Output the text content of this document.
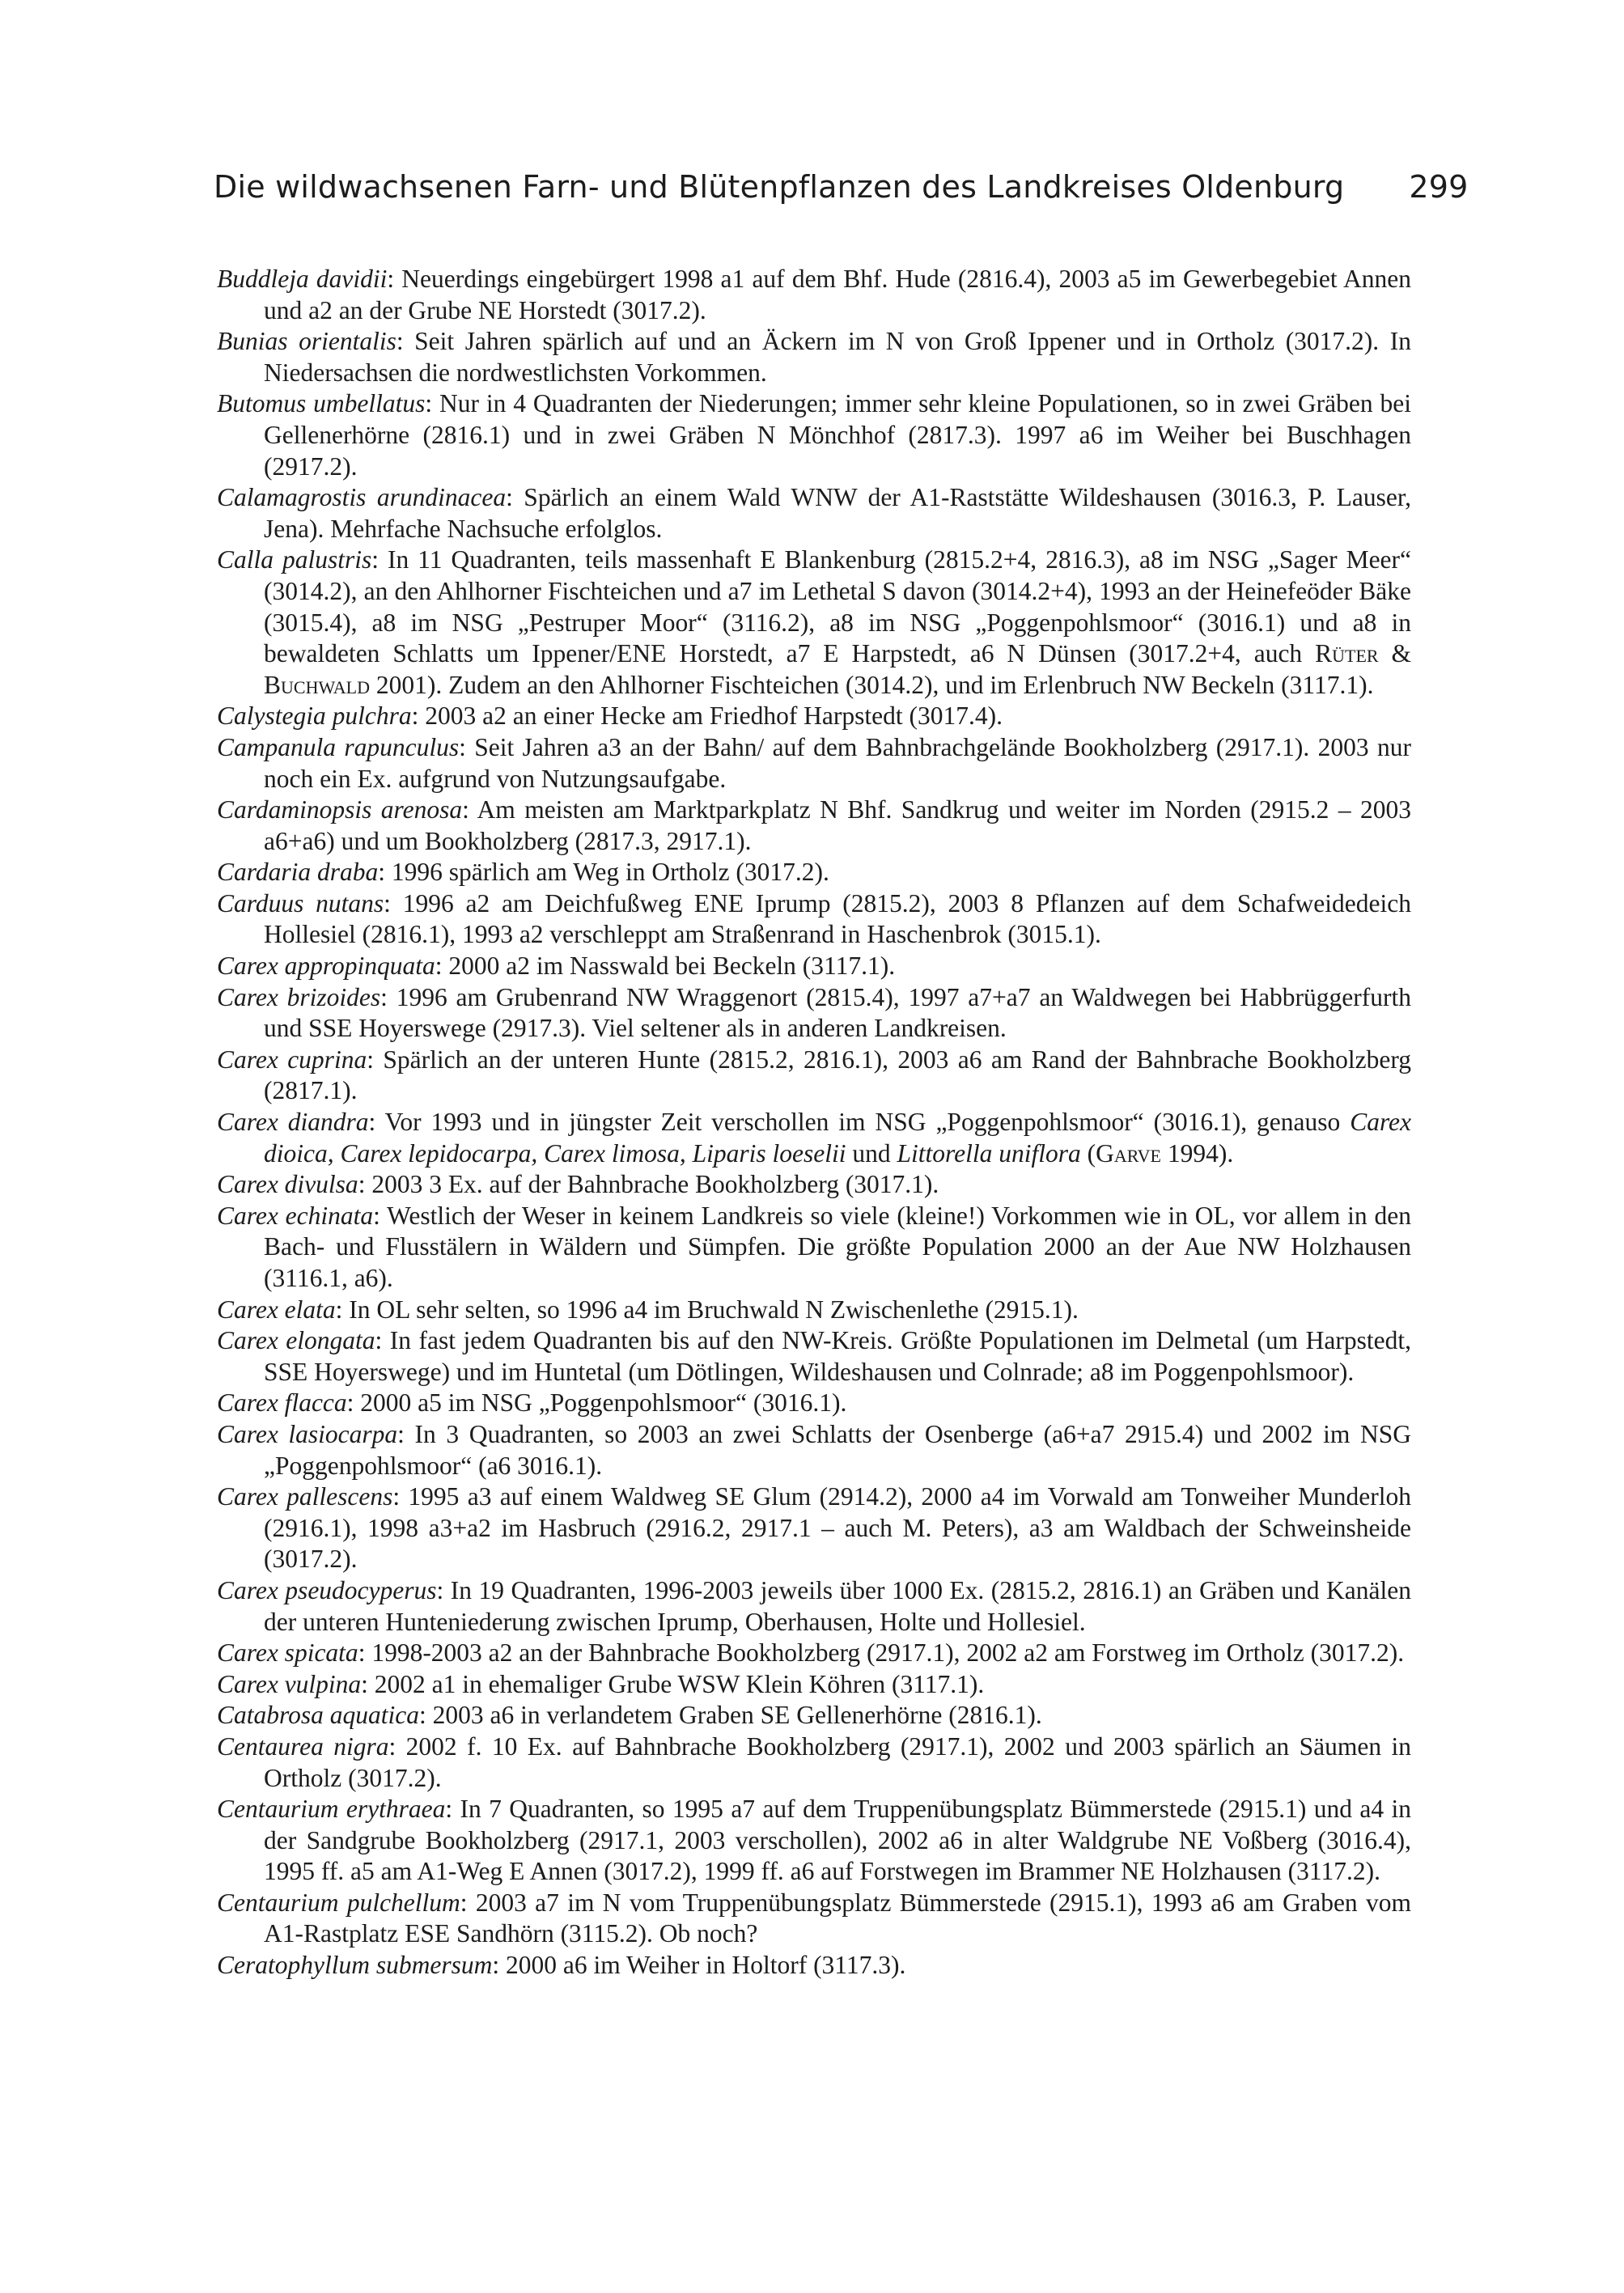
Die wildwachsenen Farn- und Blütenpflanzen des Landkreises Oldenburg 299

Buddleja davidii: Neuerdings eingebürgert 1998 a1 auf dem Bhf. Hude (2816.4), 2003 a5 im Gewerbegebiet Annen und a2 an der Grube NE Horstedt (3017.2).

Bunias orientalis: Seit Jahren spärlich auf und an Äckern im N von Groß Ippener und in Ortholz (3017.2). In Niedersachsen die nordwestlichsten Vorkommen.

Butomus umbellatus: Nur in 4 Quadranten der Niederungen; immer sehr kleine Populationen, so in zwei Gräben bei Gellenerhörne (2816.1) und in zwei Gräben N Mönchhof (2817.3). 1997 a6 im Weiher bei Buschhagen (2917.2).

Calamagrostis arundinacea: Spärlich an einem Wald WNW der A1-Raststätte Wildeshausen (3016.3, P. Lauser, Jena). Mehrfache Nachsuche erfolglos.

Calla palustris: In 11 Quadranten, teils massenhaft E Blankenburg (2815.2+4, 2816.3), a8 im NSG „Sager Meer“ (3014.2), an den Ahlhorner Fischteichen und a7 im Lethetal S davon (3014.2+4), 1993 an der Heinefeöder Bäke (3015.4), a8 im NSG „Pestruper Moor“ (3116.2), a8 im NSG „Poggenpohlsmoor“ (3016.1) und a8 in bewaldeten Schlatts um Ippener/ENE Horstedt, a7 E Harpstedt, a6 N Dünsen (3017.2+4, auch Rüter & Buchwald 2001). Zudem an den Ahlhorner Fischteichen (3014.2), und im Erlenbruch NW Beckeln (3117.1).

Calystegia pulchra: 2003 a2 an einer Hecke am Friedhof Harpstedt (3017.4).

Campanula rapunculus: Seit Jahren a3 an der Bahn/ auf dem Bahnbrachgelände Bookholzberg (2917.1). 2003 nur noch ein Ex. aufgrund von Nutzungsaufgabe.

Cardaminopsis arenosa: Am meisten am Marktparkplatz N Bhf. Sandkrug und weiter im Norden (2915.2 – 2003 a6+a6) und um Bookholzberg (2817.3, 2917.1).

Cardaria draba: 1996 spärlich am Weg in Ortholz (3017.2).

Carduus nutans: 1996 a2 am Deichfußweg ENE Iprump (2815.2), 2003 8 Pflanzen auf dem Schafweidedeich Hollesiel (2816.1), 1993 a2 verschleppt am Straßenrand in Haschenbrok (3015.1).

Carex appropinquata: 2000 a2 im Nasswald bei Beckeln (3117.1).

Carex brizoides: 1996 am Grubenrand NW Wraggenort (2815.4), 1997 a7+a7 an Waldwegen bei Habbrüggerfurth und SSE Hoyerswege (2917.3). Viel seltener als in anderen Landkreisen.

Carex cuprina: Spärlich an der unteren Hunte (2815.2, 2816.1), 2003 a6 am Rand der Bahnbrache Bookholzberg (2817.1).

Carex diandra: Vor 1993 und in jüngster Zeit verschollen im NSG „Poggenpohlsmoor“ (3016.1), genauso Carex dioica, Carex lepidocarpa, Carex limosa, Liparis loeselii und Littorella uniflora (Garve 1994).

Carex divulsa: 2003 3 Ex. auf der Bahnbrache Bookholzberg (3017.1).

Carex echinata: Westlich der Weser in keinem Landkreis so viele (kleine!) Vorkommen wie in OL, vor allem in den Bach- und Flusstälern in Wäldern und Sümpfen. Die größte Population 2000 an der Aue NW Holzhausen (3116.1, a6).

Carex elata: In OL sehr selten, so 1996 a4 im Bruchwald N Zwischenlethe (2915.1).

Carex elongata: In fast jedem Quadranten bis auf den NW-Kreis. Größte Populationen im Delmetal (um Harpstedt, SSE Hoyerswege) und im Huntetal (um Dötlingen, Wildeshausen und Colnrade; a8 im Poggenpohlsmoor).

Carex flacca: 2000 a5 im NSG „Poggenpohlsmoor“ (3016.1).

Carex lasiocarpa: In 3 Quadranten, so 2003 an zwei Schlatts der Osenberge (a6+a7 2915.4) und 2002 im NSG „Poggenpohlsmoor“ (a6 3016.1).

Carex pallescens: 1995 a3 auf einem Waldweg SE Glum (2914.2), 2000 a4 im Vorwald am Tonweiher Munderloh (2916.1), 1998 a3+a2 im Hasbruch (2916.2, 2917.1 – auch M. Peters), a3 am Waldbach der Schweinsheide (3017.2).

Carex pseudocyperus: In 19 Quadranten, 1996-2003 jeweils über 1000 Ex. (2815.2, 2816.1) an Gräben und Kanälen der unteren Hunteniederung zwischen Iprump, Oberhausen, Holte und Hollesiel.

Carex spicata: 1998-2003 a2 an der Bahnbrache Bookholzberg (2917.1), 2002 a2 am Forstweg im Ortholz (3017.2).

Carex vulpina: 2002 a1 in ehemaliger Grube WSW Klein Köhren (3117.1).

Catabrosa aquatica: 2003 a6 in verlandetem Graben SE Gellenerhörne (2816.1).

Centaurea nigra: 2002 f. 10 Ex. auf Bahnbrache Bookholzberg (2917.1), 2002 und 2003 spärlich an Säumen in Ortholz (3017.2).

Centaurium erythraea: In 7 Quadranten, so 1995 a7 auf dem Truppenübungsplatz Bümmerstede (2915.1) und a4 in der Sandgrube Bookholzberg (2917.1, 2003 verschollen), 2002 a6 in alter Waldgrube NE Voßberg (3016.4), 1995 ff. a5 am A1-Weg E Annen (3017.2), 1999 ff. a6 auf Forstwegen im Brammer NE Holzhausen (3117.2).

Centaurium pulchellum: 2003 a7 im N vom Truppenübungsplatz Bümmerstede (2915.1), 1993 a6 am Graben vom A1-Rastplatz ESE Sandhörn (3115.2). Ob noch?

Ceratophyllum submersum: 2000 a6 im Weiher in Holtorf (3117.3).
